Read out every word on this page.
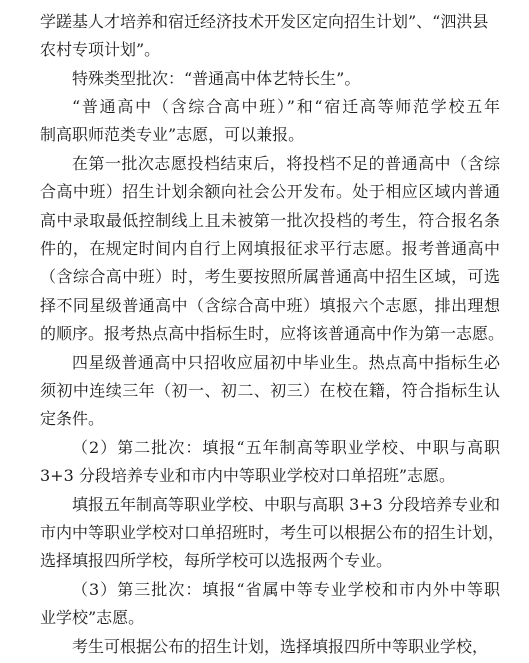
学蹉基人才培养和宿迁经济技术开发区定向招生计划”、“泗洪县
农村专项计划”。
特殊类型批次：“普通高中体艺特长生”。
“普通高中（含综合高中班）”和“宿迁高等师范学校五年
制高职师范类专业”志愿，可以兼报。
在第一批次志愿投档结束后，将投档不足的普通高中（含综
合高中班）招生计划余额向社会公开发布。处于相应区域内普通
高中录取最低控制线上且未被第一批次投档的考生，符合报名条
件的，在规定时间内自行上网填报征求平行志愿。报考普通高中
（含综合高中班）时，考生要按照所属普通高中招生区域，可选
择不同星级普通高中（含综合高中班）填报六个志愿，排出理想
的顺序。报考热点高中指标生时，应将该普通高中作为第一志愿。
四星级普通高中只招收应届初中毕业生。热点高中指标生必
须初中连续三年（初一、初二、初三）在校在籍，符合指标生认
定条件。
（2）第二批次：填报“五年制高等职业学校、中职与高职
3+3 分段培养专业和市内中等职业学校对口单招班”志愿。
填报五年制高等职业学校、中职与高职 3+3 分段培养专业和
市内中等职业学校对口单招班时，考生可以根据公布的招生计划，
选择填报四所学校，每所学校可以选报两个专业。
（3）第三批次：填报“省属中等专业学校和市内外中等职
业学校”志愿。
考生可根据公布的招生计划，选择填报四所中等职业学校，
